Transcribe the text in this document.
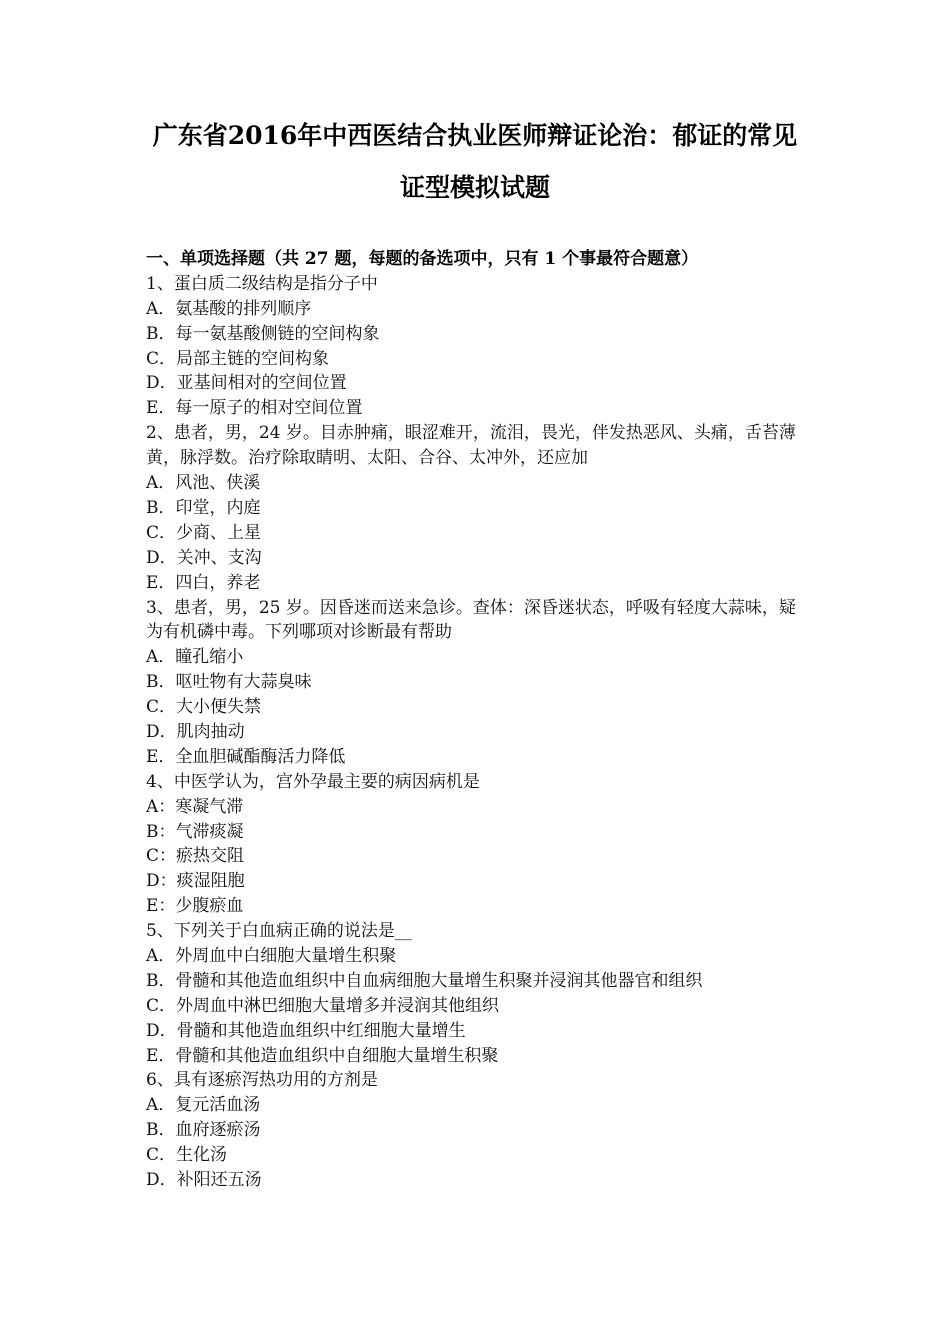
广东省2016年中西医结合执业医师辩证论治：郁证的常见
证型模拟试题
一、单项选择题（共 27 题，每题的备选项中，只有 1 个事最符合题意）
1、蛋白质二级结构是指分子中
A．氨基酸的排列顺序
B．每一氨基酸侧链的空间构象
C．局部主链的空间构象
D．亚基间相对的空间位置
E．每一原子的相对空间位置
2、患者，男，24 岁。目赤肿痛，眼涩难开，流泪，畏光，伴发热恶风、头痛，舌苔薄黄，脉浮数。治疗除取睛明、太阳、合谷、太冲外，还应加
A．风池、侠溪
B．印堂，内庭
C．少商、上星
D．关冲、支沟
E．四白，养老
3、患者，男，25 岁。因昏迷而送来急诊。查体：深昏迷状态，呼吸有轻度大蒜味，疑为有机磷中毒。下列哪项对诊断最有帮助
A．瞳孔缩小
B．呕吐物有大蒜臭味
C．大小便失禁
D．肌肉抽动
E．全血胆碱酯酶活力降低
4、中医学认为，宫外孕最主要的病因病机是
A：寒凝气滞
B：气滞痰凝
C：瘀热交阻
D：痰湿阻胞
E：少腹瘀血
5、下列关于白血病正确的说法是__
A．外周血中白细胞大量增生积聚
B．骨髓和其他造血组织中自血病细胞大量增生积聚并浸润其他器官和组织
C．外周血中淋巴细胞大量增多并浸润其他组织
D．骨髓和其他造血组织中红细胞大量增生
E．骨髓和其他造血组织中自细胞大量增生积聚
6、具有逐瘀泻热功用的方剂是
A．复元活血汤
B．血府逐瘀汤
C．生化汤
D．补阳还五汤
